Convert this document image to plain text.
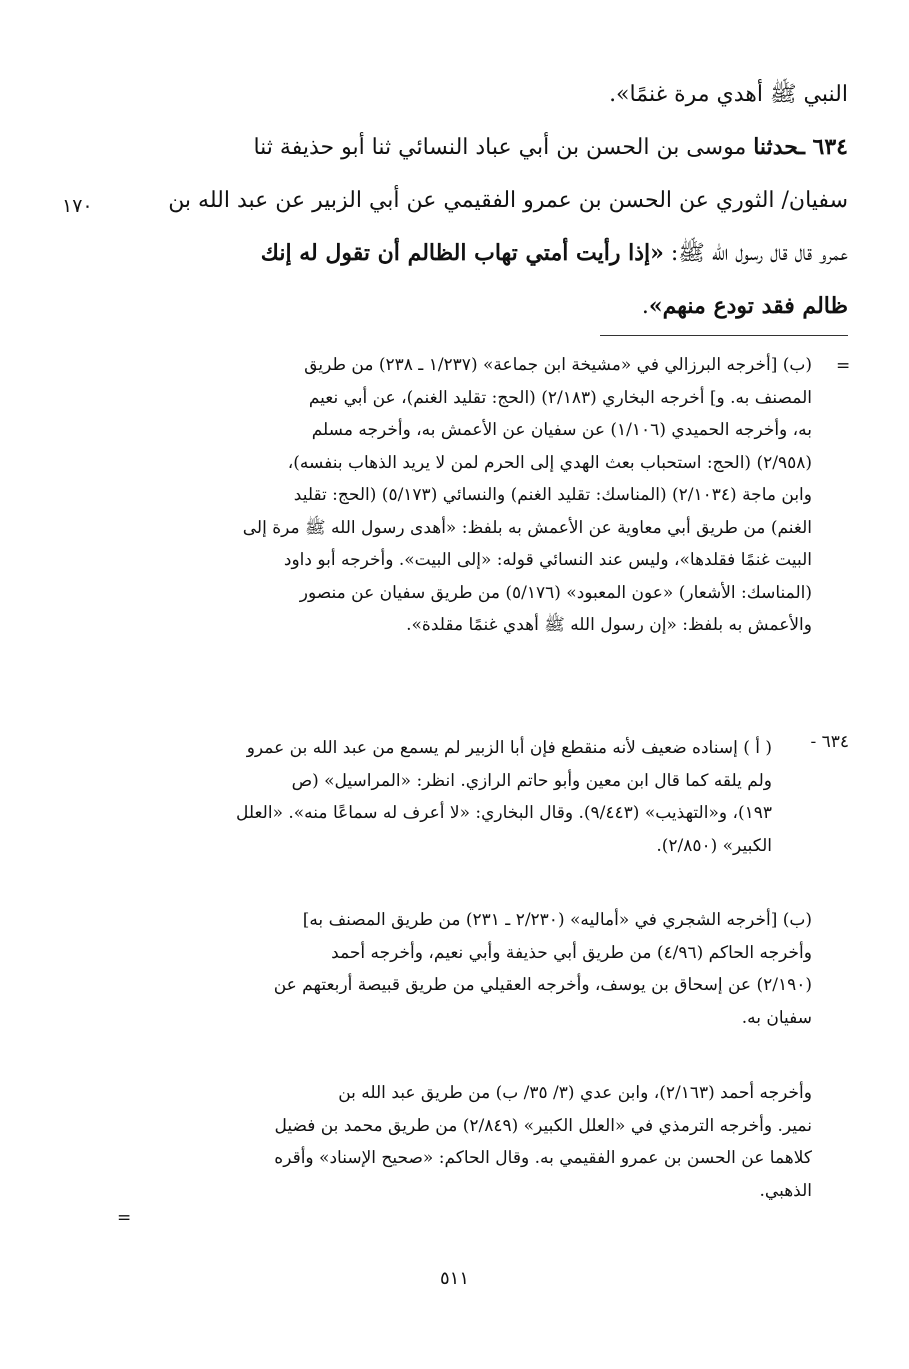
النبي ﷺ أهدي مرة غنمًا».
٦٣٤ ـحدثنا موسى بن الحسن بن أبي عباد النسائي ثنا أبو حذيفة ثنا
سفيان/ الثوري عن الحسن بن عمرو الفقيمي عن أبي الزبير عن عبد الله بن
عمرو قال قال رسول الله ﷺ: «إذا رأيت أمتي تهاب الظالم أن تقول له إنك
ظالم فقد تودع منهم».
١٧٠
=
(ب) [أخرجه البرزالي في «مشيخة ابن جماعة» (١/٢٣٧ ـ ٢٣٨) من طريق
المصنف به. و] أخرجه البخاري (٢/١٨٣) (الحج: تقليد الغنم)، عن أبي نعيم
به، وأخرجه الحميدي (١/١٠٦) عن سفيان عن الأعمش به، وأخرجه مسلم
(٢/٩٥٨) (الحج: استحباب بعث الهدي إلى الحرم لمن لا يريد الذهاب بنفسه)،
وابن ماجة (٢/١٠٣٤) (المناسك: تقليد الغنم) والنسائي (٥/١٧٣) (الحج: تقليد
الغنم) من طريق أبي معاوية عن الأعمش به بلفظ: «أهدى رسول الله ﷺ مرة إلى
البيت غنمًا فقلدها»، وليس عند النسائي قوله: «إلى البيت». وأخرجه أبو داود
(المناسك: الأشعار) «عون المعبود» (٥/١٧٦) من طريق سفيان عن منصور
والأعمش به بلفظ: «إن رسول الله ﷺ أهدي غنمًا مقلدة».
٦٣٤ -
( أ ) إسناده ضعيف لأنه منقطع فإن أبا الزبير لم يسمع من عبد الله بن عمرو
ولم يلقه كما قال ابن معين وأبو حاتم الرازي. انظر: «المراسيل» (ص
١٩٣)، و«التهذيب» (٩/٤٤٣). وقال البخاري: «لا أعرف له سماعًا منه». «العلل
الكبير» (٢/٨٥٠).
(ب) [أخرجه الشجري في «أماليه» (٢/٢٣٠ ـ ٢٣١) من طريق المصنف به]
وأخرجه الحاكم (٤/٩٦) من طريق أبي حذيفة وأبي نعيم، وأخرجه أحمد
(٢/١٩٠) عن إسحاق بن يوسف، وأخرجه العقيلي من طريق قبيصة أربعتهم عن
سفيان به.
وأخرجه أحمد (٢/١٦٣)، وابن عدي (٣/ ٣٥/ ب) من طريق عبد الله بن
نمير. وأخرجه الترمذي في «العلل الكبير» (٢/٨٤٩) من طريق محمد بن فضيل
كلاهما عن الحسن بن عمرو الفقيمي به. وقال الحاكم: «صحيح الإسناد» وأقره
الذهبي.
=
٥١١
